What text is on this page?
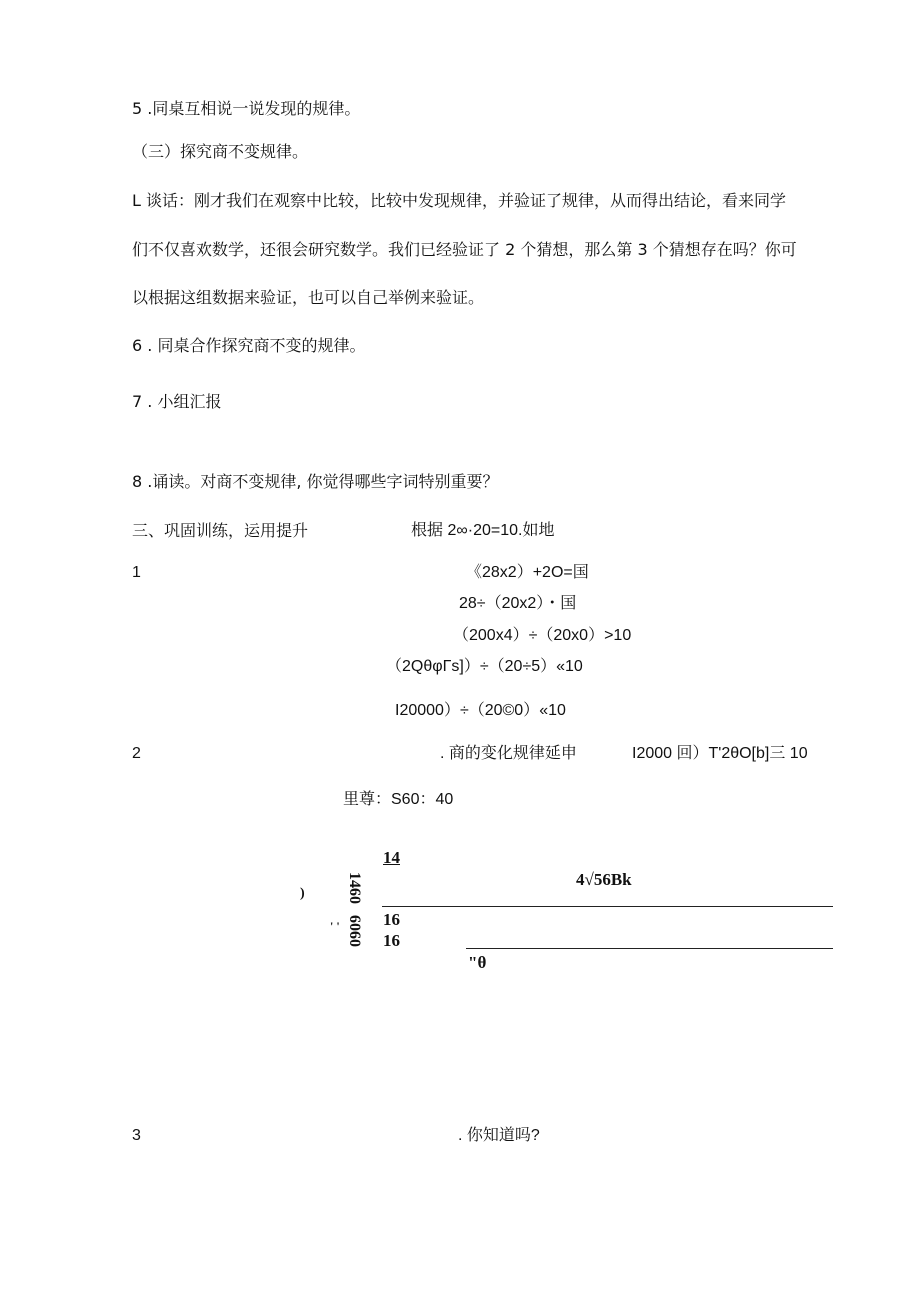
5 .同桌互相说一说发现的规律。
（三）探究商不变规律。
L 谈话：刚才我们在观察中比较，比较中发现规律，并验证了规律，从而得出结论，看来同学
们不仅喜欢数学，还很会研究数学。我们已经验证了 2 个猜想，那么第 3 个猜想存在吗？你可
以根据这组数据来验证，也可以自己举例来验证。
6 . 同桌合作探究商不变的规律。
7 . 小组汇报
8 .诵读。对商不变规律, 你觉得哪些字词特别重要？
三、巩固训练，运用提升	根据 2∞·20=10.如地
1	《28x2）+2O=国
28÷（20x2）・国
（200x4）÷（20x0）>10
（2QθφΓs]）÷（20÷5）«10
I20000）÷（20©0）«10
2	. 商的变化规律延申	I2000 回）T'2θO[b]三 10
里尊：S60：40
14
4√56Bk
1460
6060
)
' '	16
16
"θ
3	. 你知道吗?
